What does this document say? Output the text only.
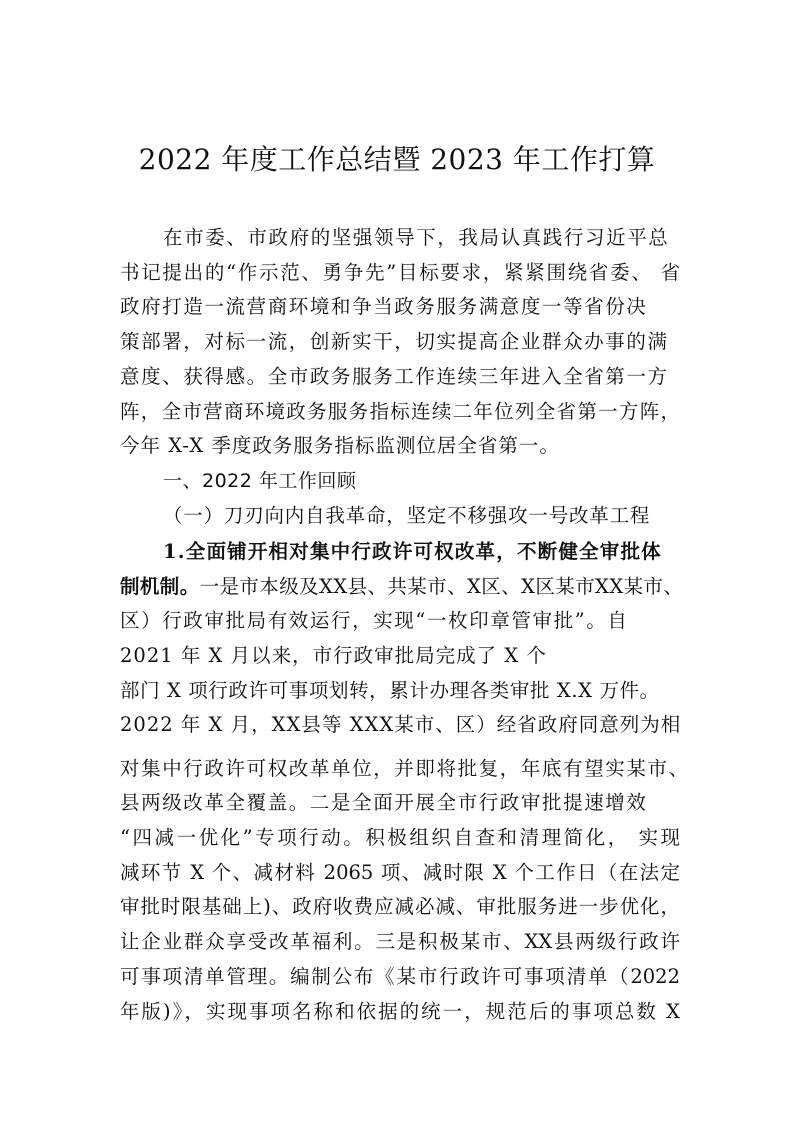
2022 年度工作总结暨 2023 年工作打算
在市委、市政府的坚强领导下，我局认真践行习近平总
书记提出的“作示范、勇争先”目标要求，紧紧围绕省委、 省
政府打造一流营商环境和争当政务服务满意度一等省份决
策部署，对标一流，创新实干，切实提高企业群众办事的满
意度、获得感。全市政务服务工作连续三年进入全省第一方
阵，全市营商环境政务服务指标连续二年位列全省第一方阵，
今年 X-X 季度政务服务指标监测位居全省第一。
一、2022 年工作回顾
（一）刀刃向内自我革命，坚定不移强攻一号改革工程
1.全面铺开相对集中行政许可权改革，不断健全审批体
制机制。一是市本级及XX县、共某市、X区、X区某市XX某市、
区）行政审批局有效运行，实现“一枚印章管审批”。自
2021 年 X 月以来，市行政审批局完成了 X 个
部门 X 项行政许可事项划转，累计办理各类审批 X.X 万件。
2022 年 X 月，XX县等 XXX某市、区）经省政府同意列为相
对集中行政许可权改革单位，并即将批复，年底有望实某市、
县两级改革全覆盖。二是全面开展全市行政审批提速增效
“四减一优化”专项行动。积极组织自查和清理简化， 实现
减环节 X 个、减材料 2065 项、减时限 X 个工作日（在法定
审批时限基础上)、政府收费应减必减、审批服务进一步优化，
让企业群众享受改革福利。三是积极某市、XX县两级行政许
可事项清单管理。编制公布《某市行政许可事项清单（2022
年版)》，实现事项名称和依据的统一，规范后的事项总数 X
